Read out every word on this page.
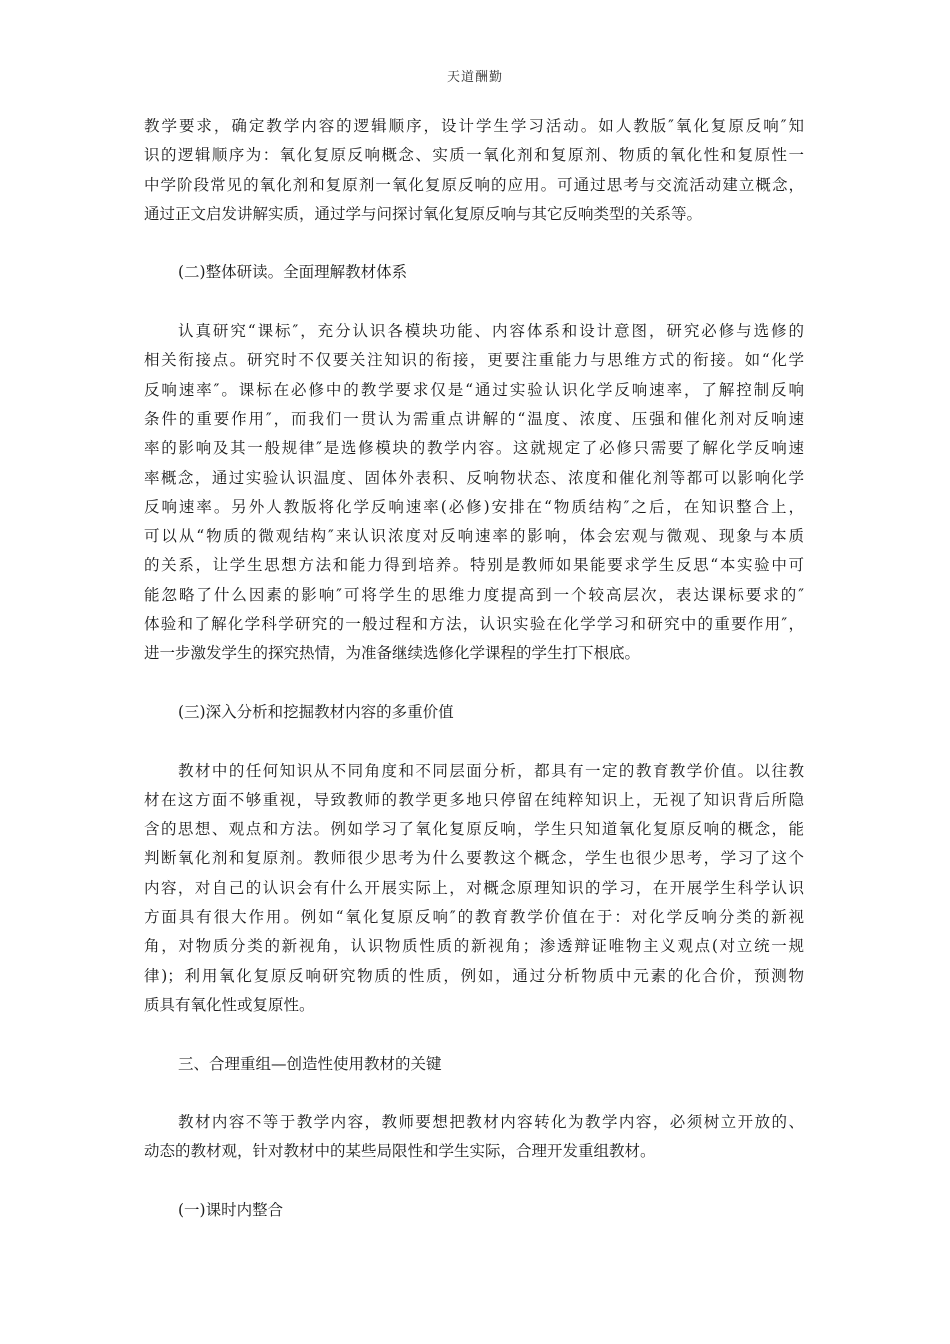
天道酬勤
教学要求，确定教学内容的逻辑顺序，设计学生学习活动。如人教版″氧化复原反响″知
识的逻辑顺序为：氧化复原反响概念、实质一氧化剂和复原剂、物质的氧化性和复原性一
中学阶段常见的氧化剂和复原剂一氧化复原反响的应用。可通过思考与交流活动建立概念，
通过正文启发讲解实质，通过学与问探讨氧化复原反响与其它反响类型的关系等。
(二)整体研读。全面理解教材体系
认真研究“课标″，充分认识各模块功能、内容体系和设计意图，研究必修与选修的
相关衔接点。研究时不仅要关注知识的衔接，更要注重能力与思维方式的衔接。如“化学
反响速率″。课标在必修中的教学要求仅是“通过实验认识化学反响速率，了解控制反响
条件的重要作用″，而我们一贯认为需重点讲解的“温度、浓度、压强和催化剂对反响速
率的影响及其一般规律″是选修模块的教学内容。这就规定了必修只需要了解化学反响速
率概念，通过实验认识温度、固体外表积、反响物状态、浓度和催化剂等都可以影响化学
反响速率。另外人教版将化学反响速率(必修)安排在“物质结构″之后，在知识整合上，
可以从“物质的微观结构″来认识浓度对反响速率的影响，体会宏观与微观、现象与本质
的关系，让学生思想方法和能力得到培养。特别是教师如果能要求学生反思“本实验中可
能忽略了什么因素的影响″可将学生的思维力度提高到一个较高层次，表达课标要求的″
体验和了解化学科学研究的一般过程和方法，认识实验在化学学习和研究中的重要作用″，
进一步激发学生的探究热情，为准备继续选修化学课程的学生打下根底。
(三)深入分析和挖掘教材内容的多重价值
教材中的任何知识从不同角度和不同层面分析，都具有一定的教育教学价值。以往教
材在这方面不够重视，导致教师的教学更多地只停留在纯粹知识上，无视了知识背后所隐
含的思想、观点和方法。例如学习了氧化复原反响，学生只知道氧化复原反响的概念，能
判断氧化剂和复原剂。教师很少思考为什么要教这个概念，学生也很少思考，学习了这个
内容，对自己的认识会有什么开展实际上，对概念原理知识的学习，在开展学生科学认识
方面具有很大作用。例如“氧化复原反响″的教育教学价值在于：对化学反响分类的新视
角，对物质分类的新视角，认识物质性质的新视角；渗透辩证唯物主义观点(对立统一规
律)；利用氧化复原反响研究物质的性质，例如，通过分析物质中元素的化合价，预测物
质具有氧化性或复原性。
三、合理重组—创造性使用教材的关键
教材内容不等于教学内容，教师要想把教材内容转化为教学内容，必须树立开放的、
动态的教材观，针对教材中的某些局限性和学生实际，合理开发重组教材。
(一)课时内整合
